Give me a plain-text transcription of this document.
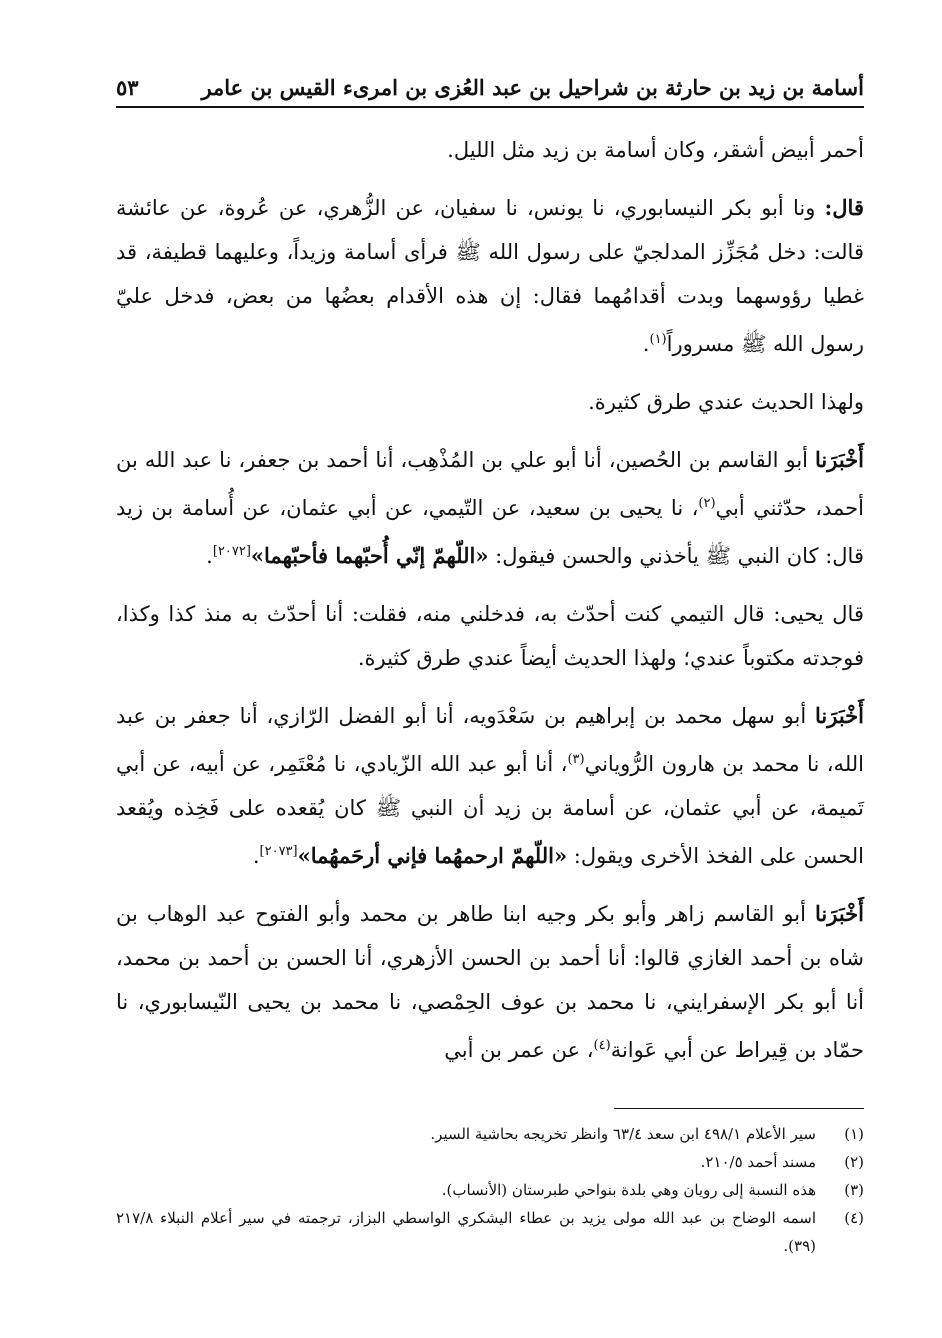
أسامة بن زيد بن حارثة بن شراحيل بن عبد العُزى بن امرىء القيس بن عامر
٥٣

أحمر أبيض أشقر، وكان أسامة بن زيد مثل الليل.

قال: ونا أبو بكر النيسابوري، نا يونس، نا سفيان، عن الزُّهري، عن عُروة، عن عائشة قالت: دخل مُجَزِّز المدلجيّ على رسول الله ﷺ فرأى أسامة وزيداً، وعليهما قطيفة، قد غطيا رؤوسهما وبدت أقدامُهما فقال: إن هذه الأقدام بعضُها من بعض، فدخل عليّ رسول الله ﷺ مسروراً$^{(١)}$.

ولهذا الحديث عندي طرق كثيرة.

أَخْبَرَنا أبو القاسم بن الحُصين، أنا أبو علي بن المُذْهِب، أنا أحمد بن جعفر، نا عبد الله بن أحمد، حدّثني أبي$^{(٢)}$، نا يحيى بن سعيد، عن التّيمي، عن أبي عثمان، عن أُسامة بن زيد قال: كان النبي ﷺ يأخذني والحسن فيقول: «اللّهمّ إنّي أُحبّهما فأحبّهما»[٢٠٧٢].

قال يحيى: قال التيمي كنت أحدّث به، فدخلني منه، فقلت: أنا أحدّث به منذ كذا وكذا، فوجدته مكتوباً عندي؛ ولهذا الحديث أيضاً عندي طرق كثيرة.

أَخْبَرَنا أبو سهل محمد بن إبراهيم بن سَعْدَويه، أنا أبو الفضل الرّازي، أنا جعفر بن عبد الله، نا محمد بن هارون الرُّوياني$^{(٣)}$، أنا أبو عبد الله الزّيادي، نا مُعْتَمِر، عن أبيه، عن أبي تَميمة، عن أبي عثمان، عن أسامة بن زيد أن النبي ﷺ كان يُقعده على فَخِذه ويُقعد الحسن على الفخذ الأخرى ويقول: «اللّهمّ ارحمهُما فإني أرحَمهُما»[٢٠٧٣].

أَخْبَرَنا أبو القاسم زاهر وأبو بكر وجيه ابنا طاهر بن محمد وأبو الفتوح عبد الوهاب بن شاه بن أحمد الغازي قالوا: أنا أحمد بن الحسن الأزهري، أنا الحسن بن أحمد بن محمد، أنا أبو بكر الإسفرايني، نا محمد بن عوف الحِمْصي، نا محمد بن يحيى النّيسابوري، نا حمّاد بن قِيراط عن أبي عَوانة$^{(٤)}$، عن عمر بن أبي

(١)
سير الأعلام ٤٩٨/١ ابن سعد ٦٣/٤ وانظر تخريجه بحاشية السير.
(٢)
مسند أحمد ٢١٠/٥.
(٣)
هذه النسبة إلى رويان وهي بلدة بنواحي طبرستان (الأنساب).
(٤)
اسمه الوضاح بن عبد الله مولى يزيد بن عطاء اليشكري الواسطي البزاز، ترجمته في سير أعلام النبلاء ٢١٧/٨ (٣٩).
